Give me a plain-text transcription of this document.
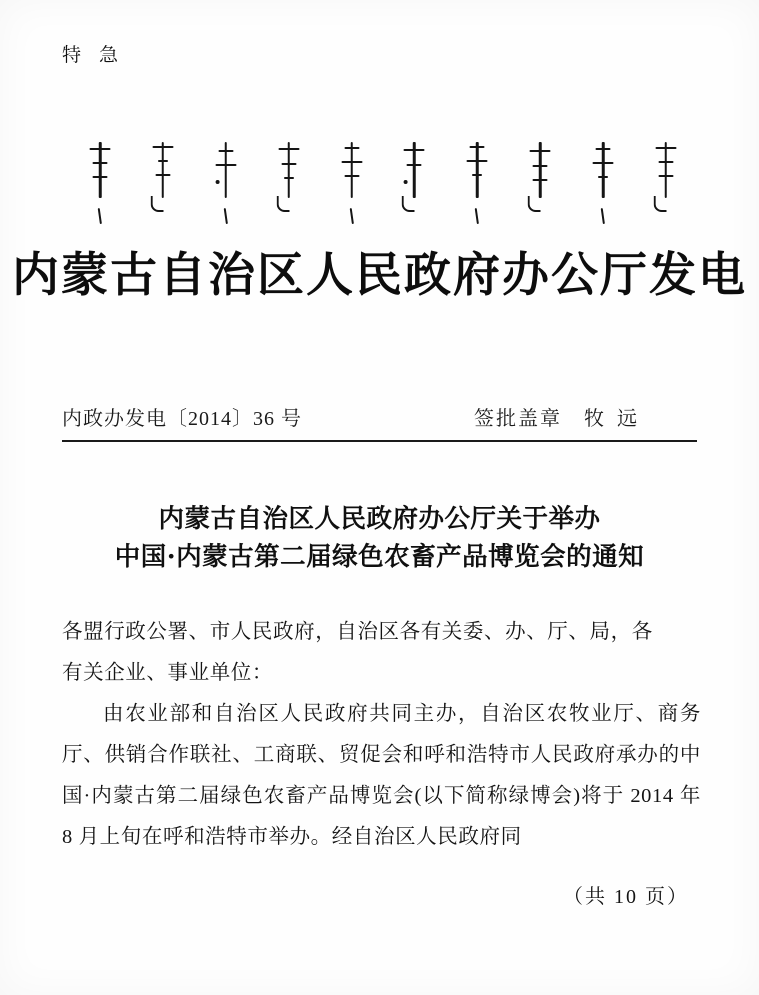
特 急
内蒙古自治区人民政府办公厅发电
内政办发电〔2014〕36 号	签批盖章 牧 远
内蒙古自治区人民政府办公厅关于举办
中国·内蒙古第二届绿色农畜产品博览会的通知

各盟行政公署、市人民政府，自治区各有关委、办、厅、局，各

有关企业、事业单位：

由农业部和自治区人民政府共同主办，自治区农牧业厅、商务厅、供销合作联社、工商联、贸促会和呼和浩特市人民政府承办的中国·内蒙古第二届绿色农畜产品博览会(以下简称绿博会)将于 2014 年 8 月上旬在呼和浩特市举办。经自治区人民政府同

（共 10 页）
